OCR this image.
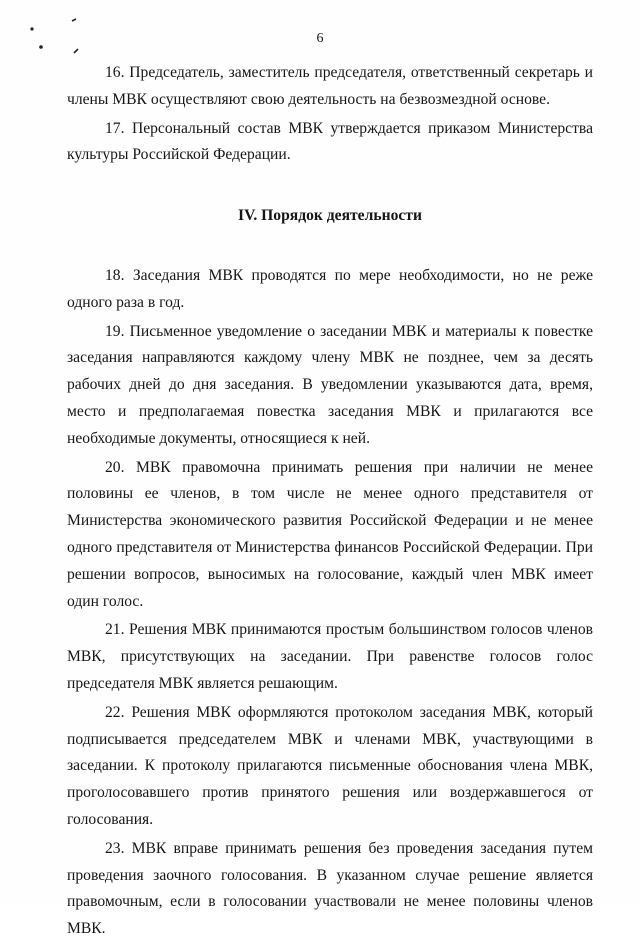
6

16. Председатель, заместитель председателя, ответственный секретарь и члены МВК осуществляют свою деятельность на безвозмездной основе.

17. Персональный состав МВК утверждается приказом Министерства культуры Российской Федерации.

IV. Порядок деятельности

18. Заседания МВК проводятся по мере необходимости, но не реже одного раза в год.

19. Письменное уведомление о заседании МВК и материалы к повестке заседания направляются каждому члену МВК не позднее, чем за десять рабочих дней до дня заседания. В уведомлении указываются дата, время, место и предполагаемая повестка заседания МВК и прилагаются все необходимые документы, относящиеся к ней.

20. МВК правомочна принимать решения при наличии не менее половины ее членов, в том числе не менее одного представителя от Министерства экономического развития Российской Федерации и не менее одного представителя от Министерства финансов Российской Федерации. При решении вопросов, выносимых на голосование, каждый член МВК имеет один голос.

21. Решения МВК принимаются простым большинством голосов членов МВК, присутствующих на заседании. При равенстве голосов голос председателя МВК является решающим.

22. Решения МВК оформляются протоколом заседания МВК, который подписывается председателем МВК и членами МВК, участвующими в заседании. К протоколу прилагаются письменные обоснования члена МВК, проголосовавшего против принятого решения или воздержавшегося от голосования.

23. МВК вправе принимать решения без проведения заседания путем проведения заочного голосования. В указанном случае решение является правомочным, если в голосовании участвовали не менее половины членов МВК.
